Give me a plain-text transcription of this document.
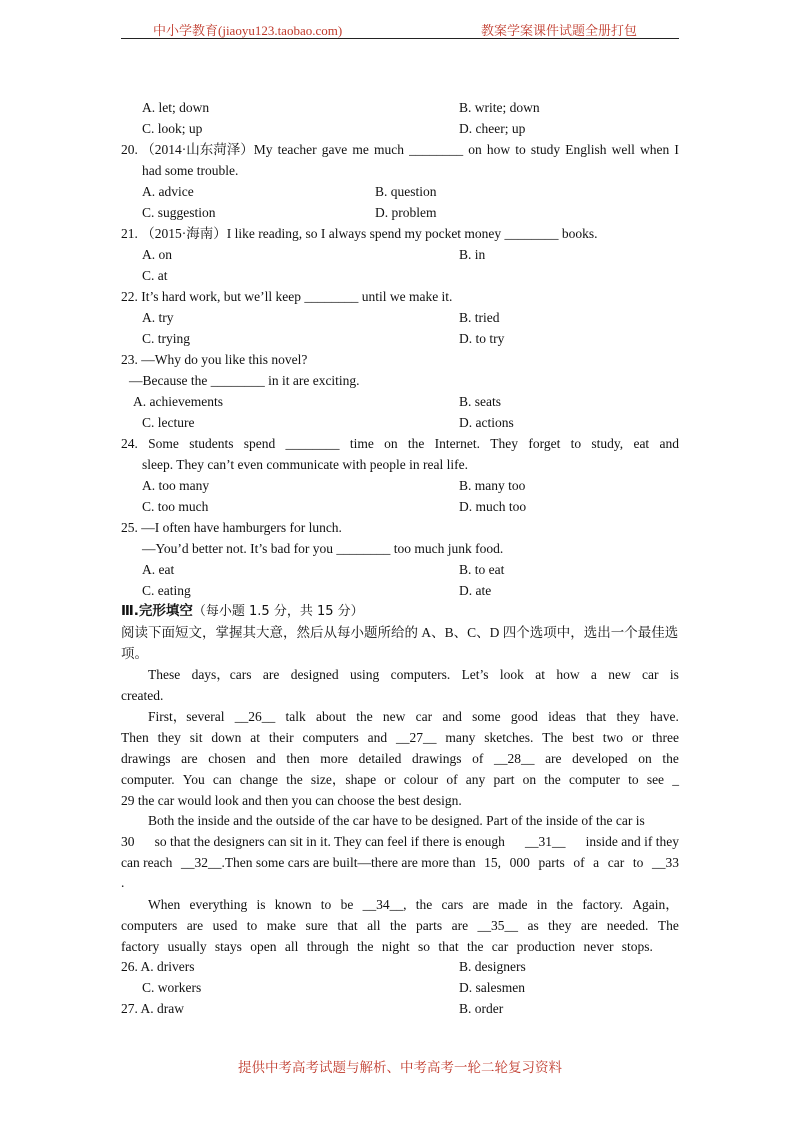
中小学教育(jiaoyu123.taobao.com)	教案学案课件试题全册打包
A. let; down	B. write; down
C. look; up	D. cheer; up
20. （2014·山东菏泽）My teacher gave me much ________ on how to study English well when I
had some trouble.
A. advice	B. question
C. suggestion	D. problem
21. （2015·海南）I like reading, so I always spend my pocket money ________ books.
A. on	B. in
C. at
22. It’s hard work, but we’ll keep ________ until we make it.
A. try	B. tried
C. trying	D. to try
23. —Why do you like this novel?
—Because the ________ in it are exciting.
A. achievements	B. seats
C. lecture	D. actions
24. Some students spend ________ time on the Internet. They forget to study, eat and
sleep. They can’t even communicate with people in real life.
A. too many	B. many too
C. too much	D. much too
25. —I often have hamburgers for lunch.
—You’d better not. It’s bad for you ________ too much junk food.
A. eat	B. to eat
C. eating	D. ate
Ⅲ.完形填空（每小题 1.5 分，共 15 分）
阅读下面短文，掌握其大意，然后从每小题所给的 A、B、C、D 四个选项中，选出一个最佳选
项。
These days，cars are designed using computers. Let’s look at how a new car is
created.
First，several __26__ talk about the new car and some good ideas that they have.
Then they sit down at their computers and __27__ many sketches. The best two or three
drawings are chosen and then more detailed drawings of __28__ are developed on the
computer. You can change the size，shape or colour of any part on the computer to see _
29 the car would look and then you can choose the best design.
Both the inside and the outside of the car have to be designed. Part of the inside of the car is
30 so that the designers can sit in it. They can feel if there is enough __31__ inside and if they
can reach __32__.Then some cars are built—there are more than 15, 000 parts of a car to __33
.
When everything is known to be __34__, the cars are made in the factory. Again，
computers are used to make sure that all the parts are __35__ as they are needed. The
factory usually stays open all through the night so that the car production never stops.
26. A. drivers	B. designers
C. workers	D. salesmen
27. A. draw	B. order
提供中考高考试题与解析、中考高考一轮二轮复习资料
